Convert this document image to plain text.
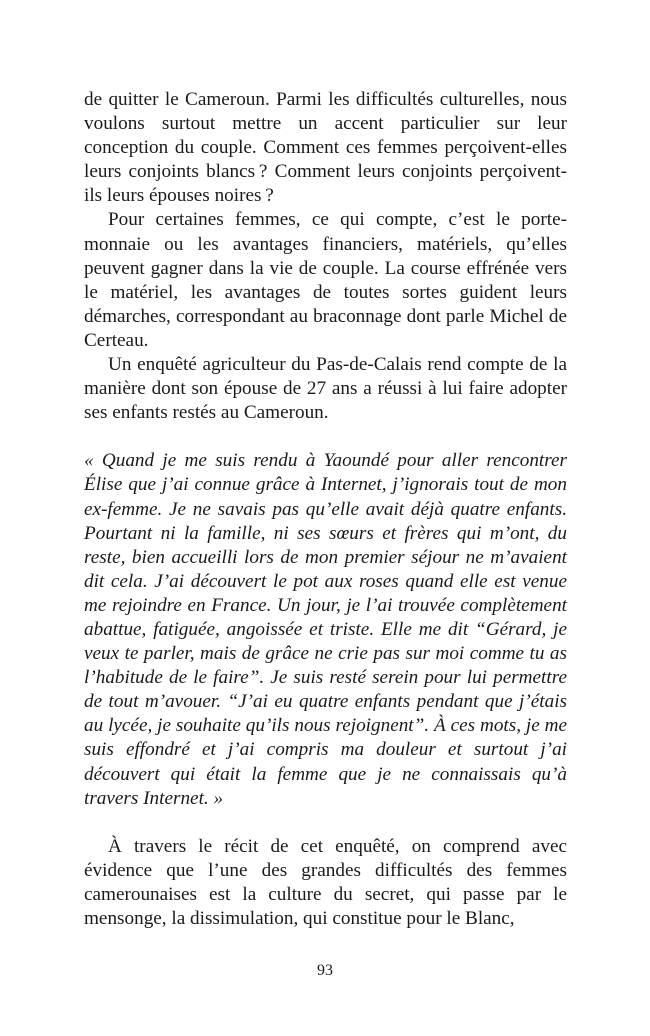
de quitter le Cameroun. Parmi les difficultés culturelles, nous voulons surtout mettre un accent particulier sur leur conception du couple. Comment ces femmes perçoivent-elles leurs conjoints blancs ? Comment leurs conjoints perçoivent-ils leurs épouses noires ?

Pour certaines femmes, ce qui compte, c’est le porte-monnaie ou les avantages financiers, matériels, qu’elles peuvent gagner dans la vie de couple. La course effrénée vers le matériel, les avantages de toutes sortes guident leurs démarches, correspondant au braconnage dont parle Michel de Certeau.

Un enquêté agriculteur du Pas-de-Calais rend compte de la manière dont son épouse de 27 ans a réussi à lui faire adopter ses enfants restés au Cameroun.

« Quand je me suis rendu à Yaoundé pour aller rencontrer Élise que j’ai connue grâce à Internet, j’ignorais tout de mon ex-femme. Je ne savais pas qu’elle avait déjà quatre enfants. Pourtant ni la famille, ni ses sœurs et frères qui m’ont, du reste, bien accueilli lors de mon premier séjour ne m’avaient dit cela. J’ai découvert le pot aux roses quand elle est venue me rejoindre en France. Un jour, je l’ai trouvée complètement abattue, fatiguée, angoissée et triste. Elle me dit “Gérard, je veux te parler, mais de grâce ne crie pas sur moi comme tu as l’habitude de le faire”. Je suis resté serein pour lui permettre de tout m’avouer. “J’ai eu quatre enfants pendant que j’étais au lycée, je souhaite qu’ils nous rejoignent”. À ces mots, je me suis effondré et j’ai compris ma douleur et surtout j’ai découvert qui était la femme que je ne connaissais qu’à travers Internet. »

À travers le récit de cet enquêté, on comprend avec évidence que l’une des grandes difficultés des femmes camerounaises est la culture du secret, qui passe par le mensonge, la dissimulation, qui constitue pour le Blanc,

93
